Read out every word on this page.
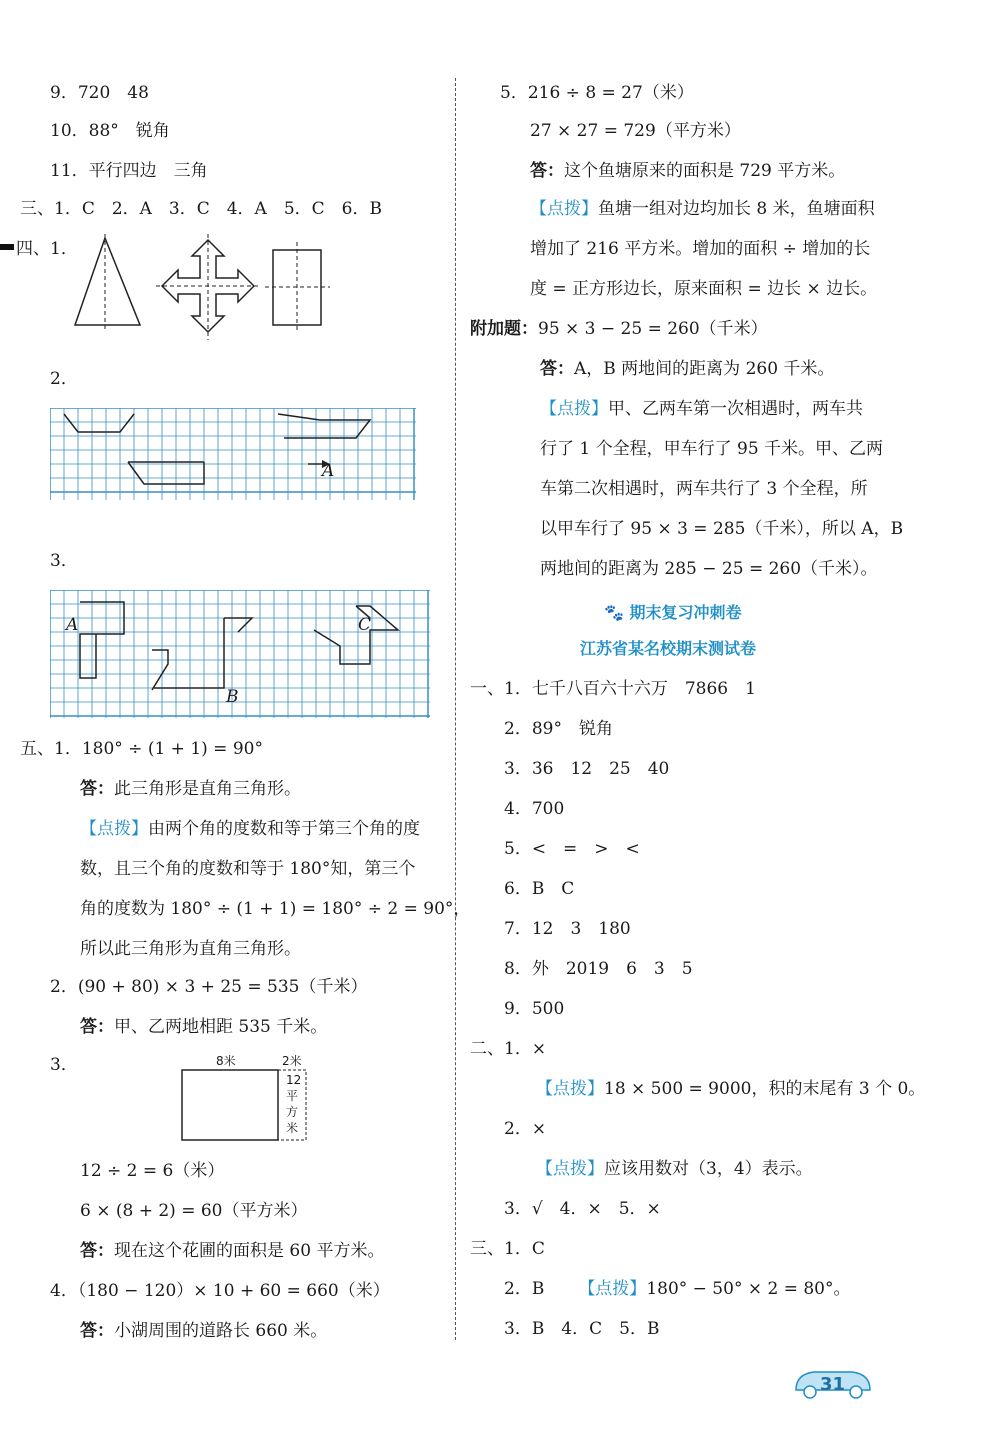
9．720　48
10．88°　锐角
11．平行四边　三角
三、1．C　2．A　3．C　4．A　5．C　6．B
四、1．
2．
A
3．
A	C
B
五、1．180° ÷ (1 + 1) = 90°
答：此三角形是直角三角形。
【点拨】由两个角的度数和等于第三个角的度
数，且三个角的度数和等于 180°知，第三个
角的度数为 180° ÷ (1 + 1) = 180° ÷ 2 = 90°，
所以此三角形为直角三角形。
2．(90 + 80) × 3 + 25 = 535（千米）
答：甲、乙两地相距 535 千米。
3．	8米	2米
12
平
方
米
12 ÷ 2 = 6（米）
6 × (8 + 2) = 60（平方米）
答：现在这个花圃的面积是 60 平方米。
4．（180 − 120）× 10 + 60 = 660（米）
答：小湖周围的道路长 660 米。
5．216 ÷ 8 = 27（米）
27 × 27 = 729（平方米）
答：这个鱼塘原来的面积是 729 平方米。
【点拨】鱼塘一组对边均加长 8 米，鱼塘面积
增加了 216 平方米。增加的面积 ÷ 增加的长
度 = 正方形边长，原来面积 = 边长 × 边长。
附加题：95 × 3 − 25 = 260（千米）
答：A，B 两地间的距离为 260 千米。
【点拨】甲、乙两车第一次相遇时，两车共
行了 1 个全程，甲车行了 95 千米。甲、乙两
车第二次相遇时，两车共行了 3 个全程，所
以甲车行了 95 × 3 = 285（千米），所以 A，B
两地间的距离为 285 − 25 = 260（千米）。
🐾 期末复习冲刺卷
江苏省某名校期末测试卷
一、1．七千八百六十六万　7866　1
2．89°　锐角
3．36　12　25　40
4．700
5．<　=　>　<
6．B　C
7．12　3　180
8．外　2019　6　3　5
9．500
二、1．×
【点拨】18 × 500 = 9000，积的末尾有 3 个 0。
2．×
【点拨】应该用数对（3，4）表示。
3．√　4．×　5．×
三、1．C
2．B 【点拨】180° − 50° × 2 = 80°。
3．B　4．C　5．B
31
